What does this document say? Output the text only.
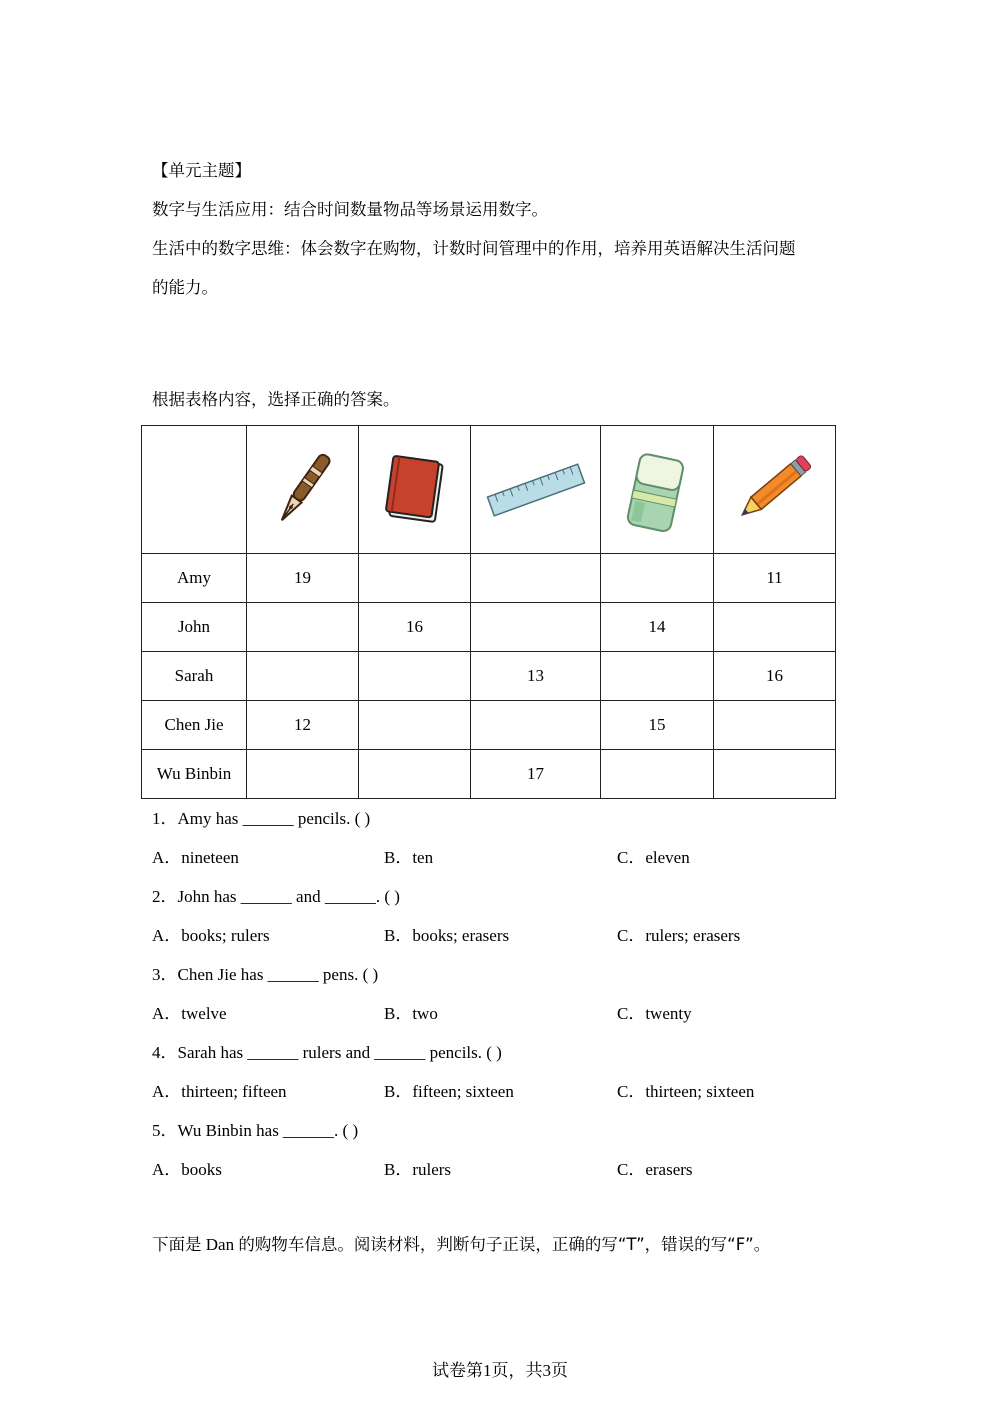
【单元主题】
数字与生活应用：结合时间数量物品等场景运用数字。
生活中的数字思维：体会数字在购物，计数时间管理中的作用，培养用英语解决生活问题
的能力。
根据表格内容，选择正确的答案。

Amy	19				11
John		16		14	
Sarah			13		16
Chen Jie	12			15	
Wu Binbin			17		
1．Amy has ______ pencils. ( )
A．nineteen	B．ten	C．eleven
2．John has ______ and ______. ( )
A．books; rulers	B．books; erasers	C．rulers; erasers
3．Chen Jie has ______ pens. ( )
A．twelve	B．two	C．twenty
4．Sarah has ______ rulers and ______ pencils. ( )
A．thirteen; fifteen	B．fifteen; sixteen	C．thirteen; sixteen
5．Wu Binbin has ______. ( )
A．books	B．rulers	C．erasers
下面是 Dan 的购物车信息。阅读材料，判断句子正误，正确的写“T”，错误的写“F”。
试卷第1页，共3页
